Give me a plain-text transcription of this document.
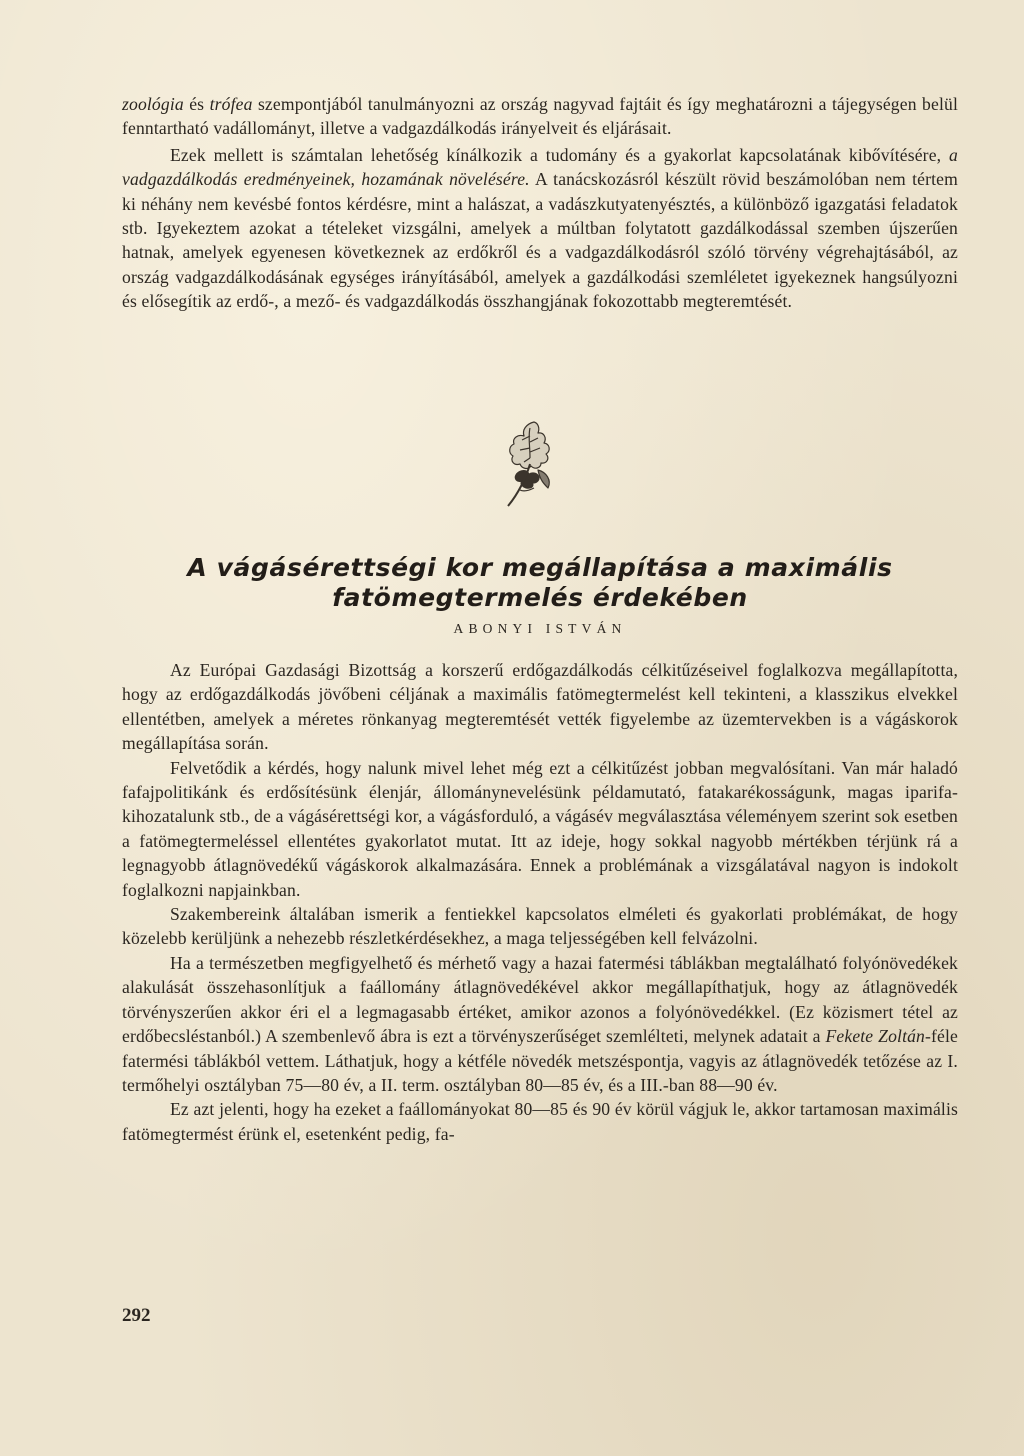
zoológia és trófea szempontjából tanulmányozni az ország nagyvad fajtáit és így meghatározni a tájegységen belül fenntartható vadállományt, illetve a vadgazdálkodás irányelveit és eljárásait.

Ezek mellett is számtalan lehetőség kínálkozik a tudomány és a gyakorlat kapcsolatának kibővítésére, a vadgazdálkodás eredményeinek, hozamának növelésére. A tanácskozásról készült rövid beszámolóban nem tértem ki néhány nem kevésbé fontos kérdésre, mint a halászat, a vadászkutyatenyésztés, a különböző igazgatási feladatok stb. Igyekeztem azokat a tételeket vizsgálni, amelyek a múltban folytatott gazdálkodással szemben újszerűen hatnak, amelyek egyenesen következnek az erdőkről és a vadgazdálkodásról szóló törvény végrehajtásából, az ország vadgazdálkodásának egységes irányításából, amelyek a gazdálkodási szemléletet igyekeznek hangsúlyozni és elősegítik az erdő-, a mező- és vadgazdálkodás összhangjának fokozottabb megteremtését.

A vágásérettségi kor megállapítása a maximális
fatömegtermelés érdekében

ABONYI ISTVÁN

Az Európai Gazdasági Bizottság a korszerű erdőgazdálkodás célkitűzéseivel foglalkozva megállapította, hogy az erdőgazdálkodás jövőbeni céljának a maximális fatömegtermelést kell tekinteni, a klasszikus elvekkel ellentétben, amelyek a méretes rönkanyag megteremtését vették figyelembe az üzemtervekben is a vágáskorok megállapítása során.

Felvetődik a kérdés, hogy nalunk mivel lehet még ezt a célkitűzést jobban megvalósítani. Van már haladó fafajpolitikánk és erdősítésünk élenjár, állománynevelésünk példamutató, fatakarékosságunk, magas iparifa-kihozatalunk stb., de a vágásérettségi kor, a vágásforduló, a vágásév megválasztása véleményem szerint sok esetben a fatömegtermeléssel ellentétes gyakorlatot mutat. Itt az ideje, hogy sokkal nagyobb mértékben térjünk rá a legnagyobb átlagnövedékű vágáskorok alkalmazására. Ennek a problémának a vizsgálatával nagyon is indokolt foglalkozni napjainkban.

Szakembereink általában ismerik a fentiekkel kapcsolatos elméleti és gyakorlati problémákat, de hogy közelebb kerüljünk a nehezebb részletkérdésekhez, a maga teljességében kell felvázolni.

Ha a természetben megfigyelhető és mérhető vagy a hazai fatermési táblákban megtalálható folyónövedékek alakulását összehasonlítjuk a faállomány átlagnövedékével akkor megállapíthatjuk, hogy az átlagnövedék törvényszerűen akkor éri el a legmagasabb értéket, amikor azonos a folyónövedékkel. (Ez közismert tétel az erdőbecsléstanból.) A szembenlevő ábra is ezt a törvényszerűséget szemlélteti, melynek adatait a Fekete Zoltán-féle fatermési táblákból vettem. Láthatjuk, hogy a kétféle növedék metszéspontja, vagyis az átlagnövedék tetőzése az I. termőhelyi osztályban 75—80 év, a II. term. osztályban 80—85 év, és a III.-ban 88—90 év.

Ez azt jelenti, hogy ha ezeket a faállományokat 80—85 és 90 év körül vágjuk le, akkor tartamosan maximális fatömegtermést érünk el, esetenként pedig, fa-

292
